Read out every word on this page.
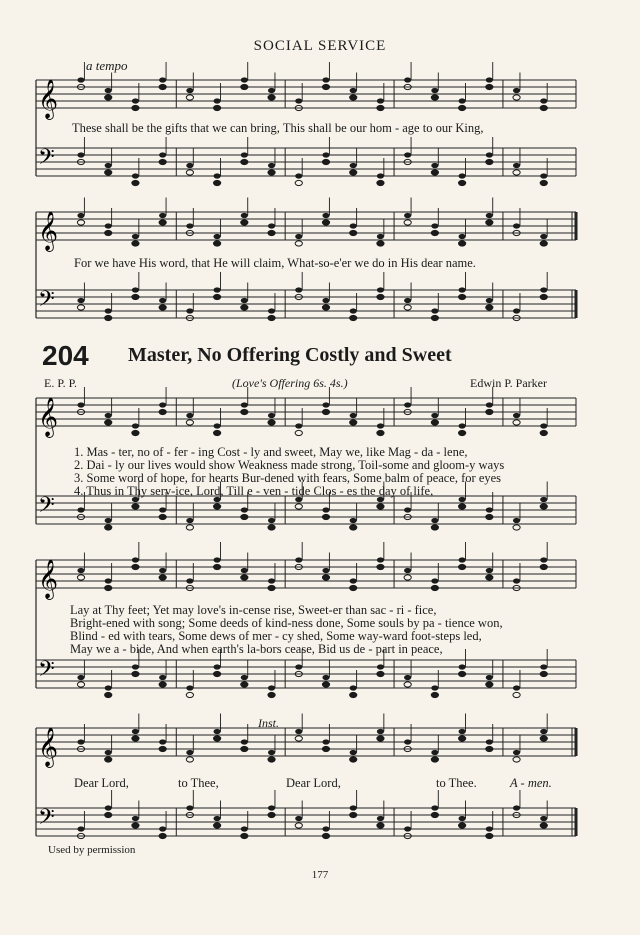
𝄞
𝄢
𝄞
𝄢
𝄞
𝄢
𝄞
𝄢
𝄞
𝄢
SOCIAL SERVICE
a tempo
These shall be the gifts that we can bring, This shall be our hom - age to our King,
For we have His word, that He will claim, What-so-e'er we do in His dear name.
204 Master, No Offering Costly and Sweet
E. P. P.	(Love's Offering 6s. 4s.)	Edwin P. Parker
1. Mas - ter, no of - fer - ing Cost - ly and sweet, May we, like Mag - da - lene,
2. Dai - ly our lives would show Weakness made strong, Toil-some and gloom-y ways
3. Some word of hope, for hearts Bur-dened with fears, Some balm of peace, for eyes
4. Thus in Thy serv-ice, Lord, Till e - ven - tide Clos - es the day of life,
Lay at Thy feet; Yet may love's in-cense rise, Sweet-er than sac - ri - fice,
Bright-ened with song; Some deeds of kind-ness done, Some souls by pa - tience won,
Blind - ed with tears, Some dews of mer - cy shed, Some way-ward foot-steps led,
May we a - bide, And when earth's la-bors cease, Bid us de - part in peace,
Inst.
Dear Lord,	to Thee,	Dear Lord,	to Thee.	A - men.
Used by permission
177
